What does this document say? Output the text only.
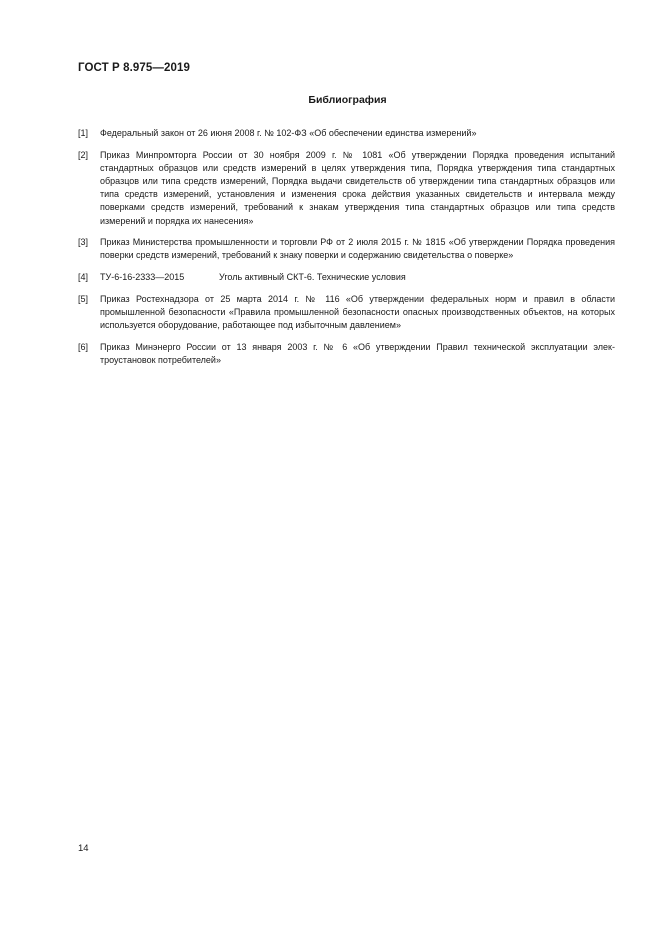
ГОСТ Р 8.975—2019
Библиография
[1]	Федеральный закон от 26 июня 2008 г. № 102-ФЗ «Об обеспечении единства измерений»
[2]	Приказ Минпромторга России от 30 ноября 2009 г. № 1081 «Об утверждении Порядка проведения испытаний стандартных образцов или средств измерений в целях утверждения типа, Порядка утверждения типа стандартных образцов или типа средств измерений, Порядка выдачи свидетельств об утверждении типа стандартных образцов или типа средств измерений, установления и изменения срока действия указанных свидетельств и интервала между поверками средств измерений, требований к знакам утверждения типа стандартных образцов или типа средств измерений и порядка их нанесения»
[3]	Приказ Министерства промышленности и торговли РФ от 2 июля 2015 г. № 1815 «Об утверждении Порядка проведения поверки средств измерений, требований к знаку поверки и содержанию свидетельства о поверке»
[4]	ТУ-6-16-2333—2015	Уголь активный СКТ-6. Технические условия
[5]	Приказ Ростехнадзора от 25 марта 2014 г. № 116 «Об утверждении федеральных норм и правил в области промышленной безопасности «Правила промышленной безопасности опасных производственных объектов, на которых используется оборудование, работающее под избыточным давлением»
[6]	Приказ Минэнерго России от 13 января 2003 г. № 6 «Об утверждении Правил технической эксплуатации электроустановок потребителей»
14
